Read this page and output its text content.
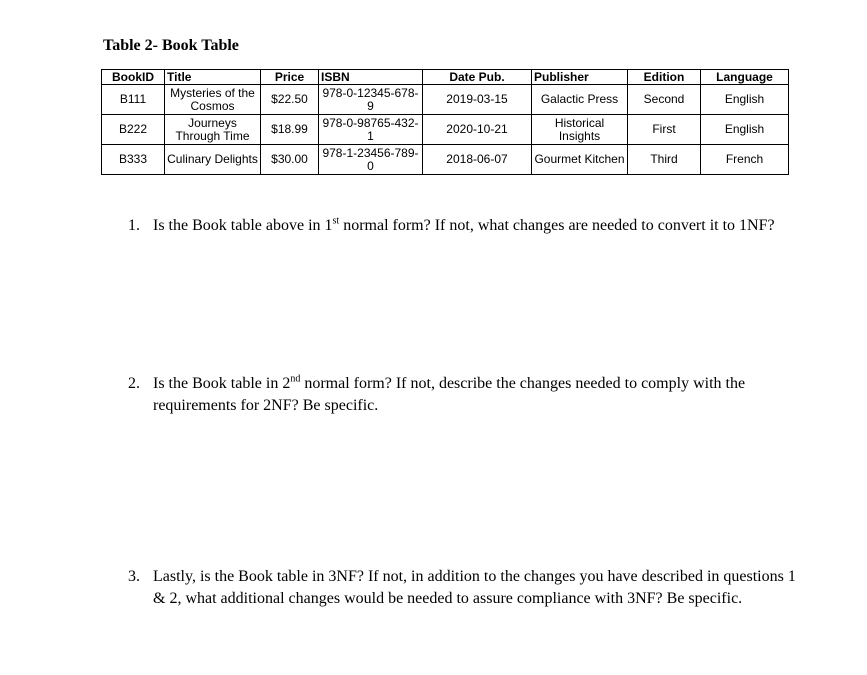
Table 2- Book Table
BookID	Title	Price	ISBN	Date Pub.	Publisher	Edition	Language
B111	Mysteries of the Cosmos	$22.50	978-0-12345-678-9	2019-03-15	Galactic Press	Second	English
B222	Journeys Through Time	$18.99	978-0-98765-432-1	2020-10-21	Historical Insights	First	English
B333	Culinary Delights	$30.00	978-1-23456-789-0	2018-06-07	Gourmet Kitchen	Third	French
1. Is the Book table above in 1st normal form? If not, what changes are needed to convert it to 1NF?
2. Is the Book table in 2nd normal form? If not, describe the changes needed to comply with the requirements for 2NF? Be specific.
3. Lastly, is the Book table in 3NF? If not, in addition to the changes you have described in questions 1 & 2, what additional changes would be needed to assure compliance with 3NF? Be specific.
